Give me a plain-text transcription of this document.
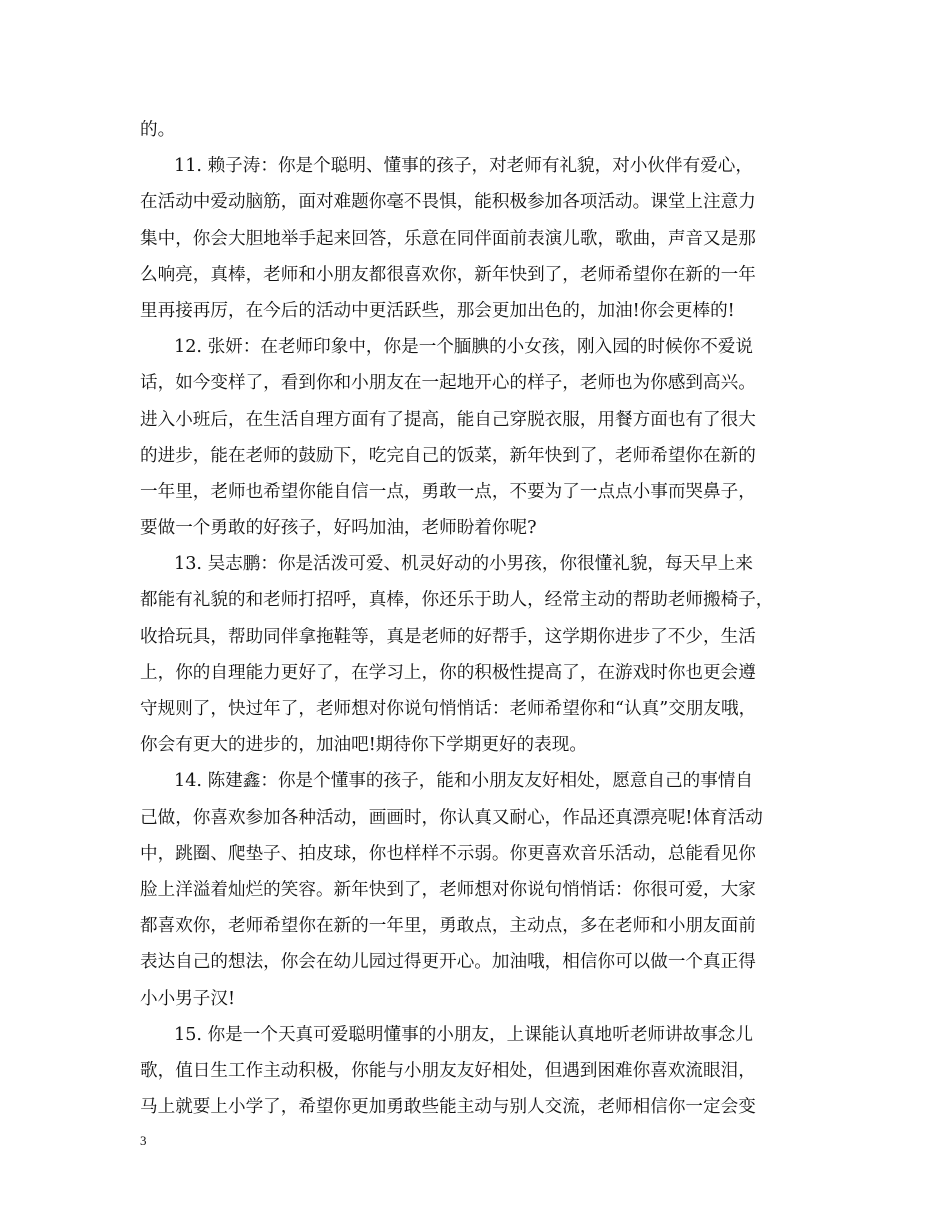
的。
11. 赖子涛：你是个聪明、懂事的孩子，对老师有礼貌，对小伙伴有爱心，
在活动中爱动脑筋，面对难题你毫不畏惧，能积极参加各项活动。课堂上注意力
集中，你会大胆地举手起来回答，乐意在同伴面前表演儿歌，歌曲，声音又是那
么响亮，真棒，老师和小朋友都很喜欢你，新年快到了，老师希望你在新的一年
里再接再厉，在今后的活动中更活跃些，那会更加出色的，加油!你会更棒的!
12. 张妍：在老师印象中，你是一个腼腆的小女孩，刚入园的时候你不爱说
话，如今变样了，看到你和小朋友在一起地开心的样子，老师也为你感到高兴。
进入小班后，在生活自理方面有了提高，能自己穿脱衣服，用餐方面也有了很大
的进步，能在老师的鼓励下，吃完自己的饭菜，新年快到了，老师希望你在新的
一年里，老师也希望你能自信一点，勇敢一点，不要为了一点点小事而哭鼻子，
要做一个勇敢的好孩子，好吗加油，老师盼着你呢?
13. 吴志鹏：你是活泼可爱、机灵好动的小男孩，你很懂礼貌，每天早上来
都能有礼貌的和老师打招呼，真棒，你还乐于助人，经常主动的帮助老师搬椅子，
收拾玩具，帮助同伴拿拖鞋等，真是老师的好帮手，这学期你进步了不少，生活
上，你的自理能力更好了，在学习上，你的积极性提高了，在游戏时你也更会遵
守规则了，快过年了，老师想对你说句悄悄话：老师希望你和“认真”交朋友哦，
你会有更大的进步的，加油吧!期待你下学期更好的表现。
14. 陈建鑫：你是个懂事的孩子，能和小朋友友好相处，愿意自己的事情自
己做，你喜欢参加各种活动，画画时，你认真又耐心，作品还真漂亮呢!体育活动
中，跳圈、爬垫子、拍皮球，你也样样不示弱。你更喜欢音乐活动，总能看见你
脸上洋溢着灿烂的笑容。新年快到了，老师想对你说句悄悄话：你很可爱，大家
都喜欢你，老师希望你在新的一年里，勇敢点，主动点，多在老师和小朋友面前
表达自己的想法，你会在幼儿园过得更开心。加油哦，相信你可以做一个真正得
小小男子汉!
15. 你是一个天真可爱聪明懂事的小朋友，上课能认真地听老师讲故事念儿
歌，值日生工作主动积极，你能与小朋友友好相处，但遇到困难你喜欢流眼泪，
马上就要上小学了，希望你更加勇敢些能主动与别人交流，老师相信你一定会变
3
